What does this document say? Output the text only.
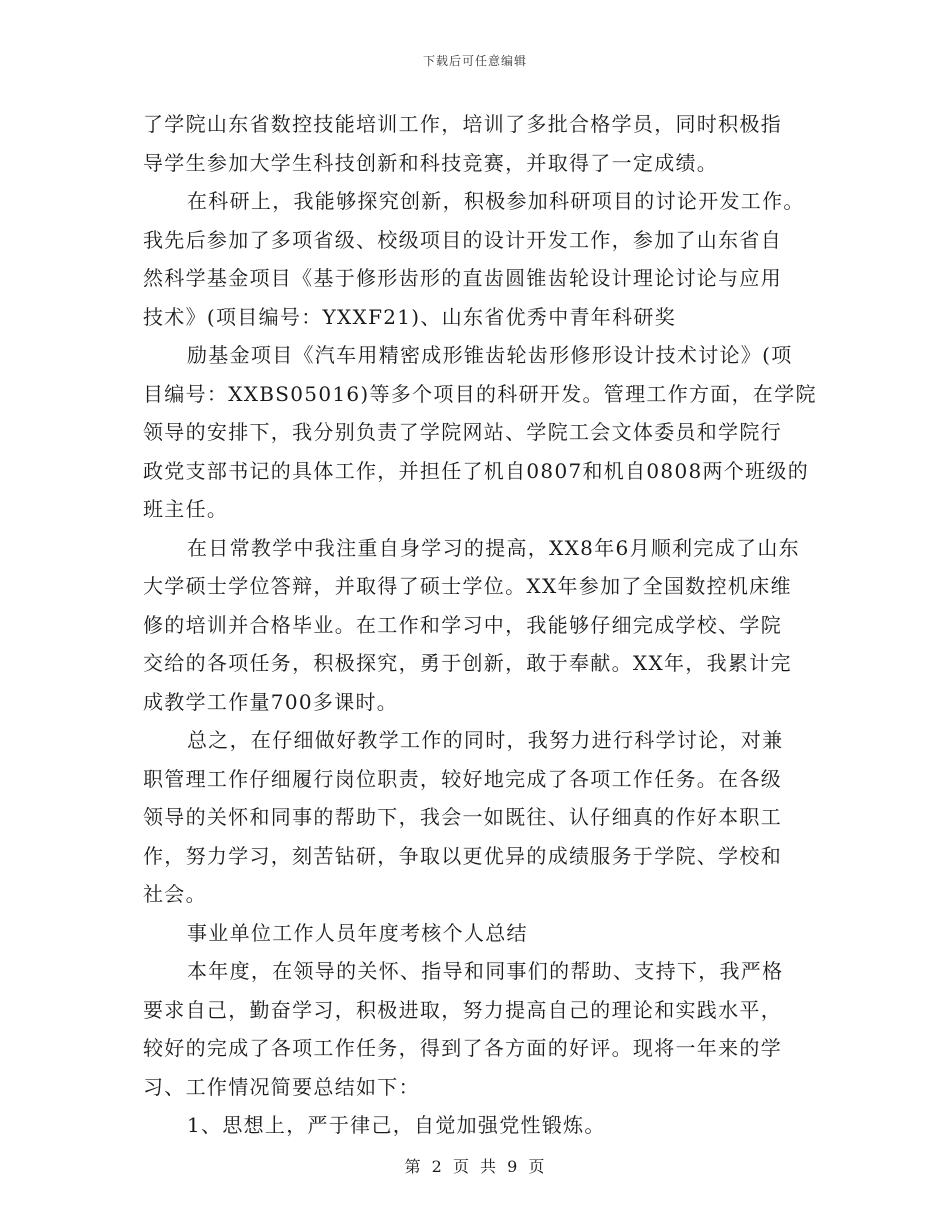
下载后可任意编辑
了学院山东省数控技能培训工作，培训了多批合格学员，同时积极指
导学生参加大学生科技创新和科技竞赛，并取得了一定成绩。
在科研上，我能够探究创新，积极参加科研项目的讨论开发工作。
我先后参加了多项省级、校级项目的设计开发工作，参加了山东省自
然科学基金项目《基于修形齿形的直齿圆锥齿轮设计理论讨论与应用
技术》(项目编号：YXXF21)、山东省优秀中青年科研奖
励基金项目《汽车用精密成形锥齿轮齿形修形设计技术讨论》(项
目编号：XXBS05016)等多个项目的科研开发。管理工作方面，在学院
领导的安排下，我分别负责了学院网站、学院工会文体委员和学院行
政党支部书记的具体工作，并担任了机自0807和机自0808两个班级的
班主任。
在日常教学中我注重自身学习的提高，XX8年6月顺利完成了山东
大学硕士学位答辩，并取得了硕士学位。XX年参加了全国数控机床维
修的培训并合格毕业。在工作和学习中，我能够仔细完成学校、学院
交给的各项任务，积极探究，勇于创新，敢于奉献。XX年，我累计完
成教学工作量700多课时。
总之，在仔细做好教学工作的同时，我努力进行科学讨论，对兼
职管理工作仔细履行岗位职责，较好地完成了各项工作任务。在各级
领导的关怀和同事的帮助下，我会一如既往、认仔细真的作好本职工
作，努力学习，刻苦钻研，争取以更优异的成绩服务于学院、学校和
社会。
事业单位工作人员年度考核个人总结
本年度，在领导的关怀、指导和同事们的帮助、支持下，我严格
要求自己，勤奋学习，积极进取，努力提高自己的理论和实践水平，
较好的完成了各项工作任务，得到了各方面的好评。现将一年来的学
习、工作情况简要总结如下：
1、思想上，严于律己，自觉加强党性锻炼。
第 2 页 共 9 页
